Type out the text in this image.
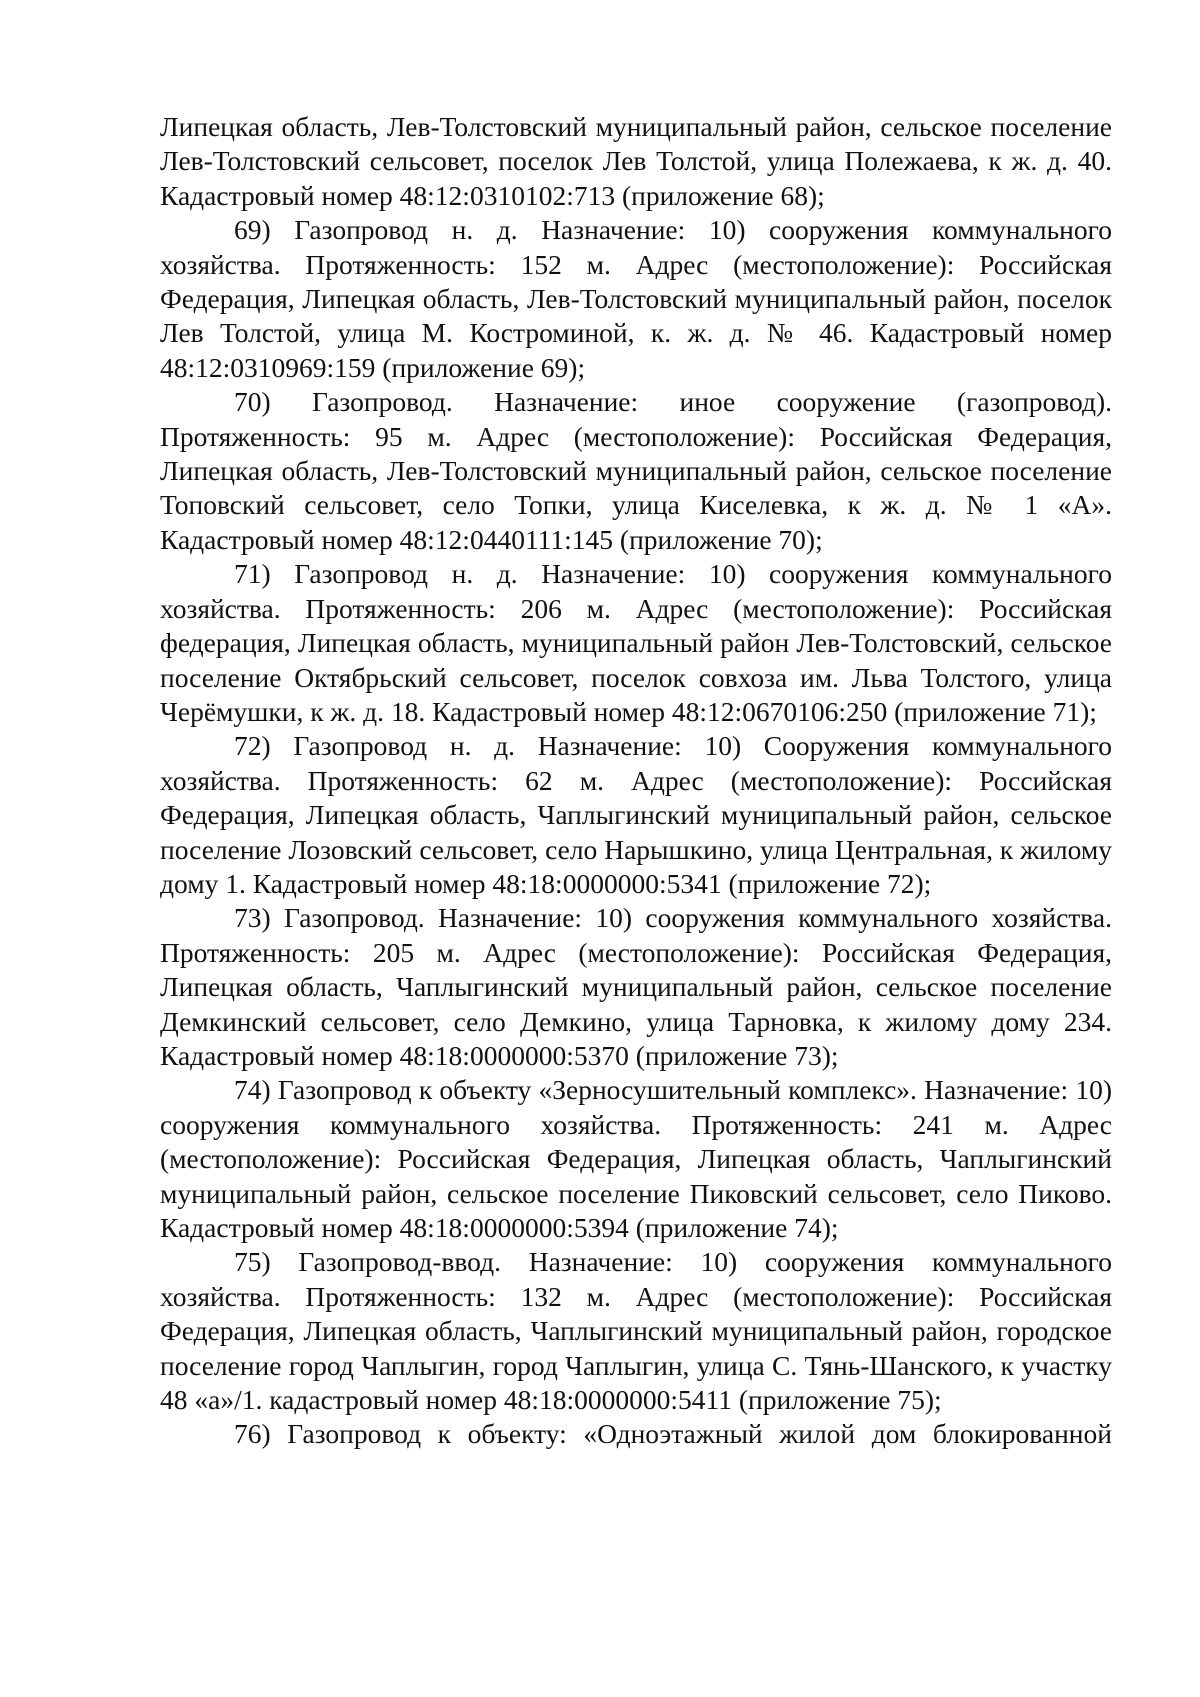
Липецкая область, Лев-Толстовский муниципальный район, сельское поселение Лев-Толстовский сельсовет, поселок Лев Толстой, улица Полежаева, к ж. д. 40. Кадастровый номер 48:12:0310102:713 (приложение 68);

69) Газопровод н. д. Назначение: 10) сооружения коммунального хозяйства. Протяженность: 152 м. Адрес (местоположение): Российская Федерация, Липецкая область, Лев-Толстовский муниципальный район, поселок Лев Толстой, улица М. Костроминой, к. ж. д. № 46. Кадастровый номер 48:12:0310969:159 (приложение 69);

70) Газопровод. Назначение: иное сооружение (газопровод). Протяженность: 95 м. Адрес (местоположение): Российская Федерация, Липецкая область, Лев-Толстовский муниципальный район, сельское поселение Топовский сельсовет, село Топки, улица Киселевка, к ж. д. № 1 «А». Кадастровый номер 48:12:0440111:145 (приложение 70);

71) Газопровод н. д. Назначение: 10) сооружения коммунального хозяйства. Протяженность: 206 м. Адрес (местоположение): Российская федерация, Липецкая область, муниципальный район Лев-Толстовский, сельское поселение Октябрьский сельсовет, поселок совхоза им. Льва Толстого, улица Черёмушки, к ж. д. 18. Кадастровый номер 48:12:0670106:250 (приложение 71);

72) Газопровод н. д. Назначение: 10) Сооружения коммунального хозяйства. Протяженность: 62 м. Адрес (местоположение): Российская Федерация, Липецкая область, Чаплыгинский муниципальный район, сельское поселение Лозовский сельсовет, село Нарышкино, улица Центральная, к жилому дому 1. Кадастровый номер 48:18:0000000:5341 (приложение 72);

73) Газопровод. Назначение: 10) сооружения коммунального хозяйства. Протяженность: 205 м. Адрес (местоположение): Российская Федерация, Липецкая область, Чаплыгинский муниципальный район, сельское поселение Демкинский сельсовет, село Демкино, улица Тарновка, к жилому дому 234. Кадастровый номер 48:18:0000000:5370 (приложение 73);

74) Газопровод к объекту «Зерносушительный комплекс». Назначение: 10) сооружения коммунального хозяйства. Протяженность: 241 м. Адрес (местоположение): Российская Федерация, Липецкая область, Чаплыгинский муниципальный район, сельское поселение Пиковский сельсовет, село Пиково. Кадастровый номер 48:18:0000000:5394 (приложение 74);

75) Газопровод-ввод. Назначение: 10) сооружения коммунального хозяйства. Протяженность: 132 м. Адрес (местоположение): Российская Федерация, Липецкая область, Чаплыгинский муниципальный район, городское поселение город Чаплыгин, город Чаплыгин, улица С. Тянь-Шанского, к участку 48 «а»/1. кадастровый номер 48:18:0000000:5411 (приложение 75);

76) Газопровод к объекту: «Одноэтажный жилой дом блокированной
